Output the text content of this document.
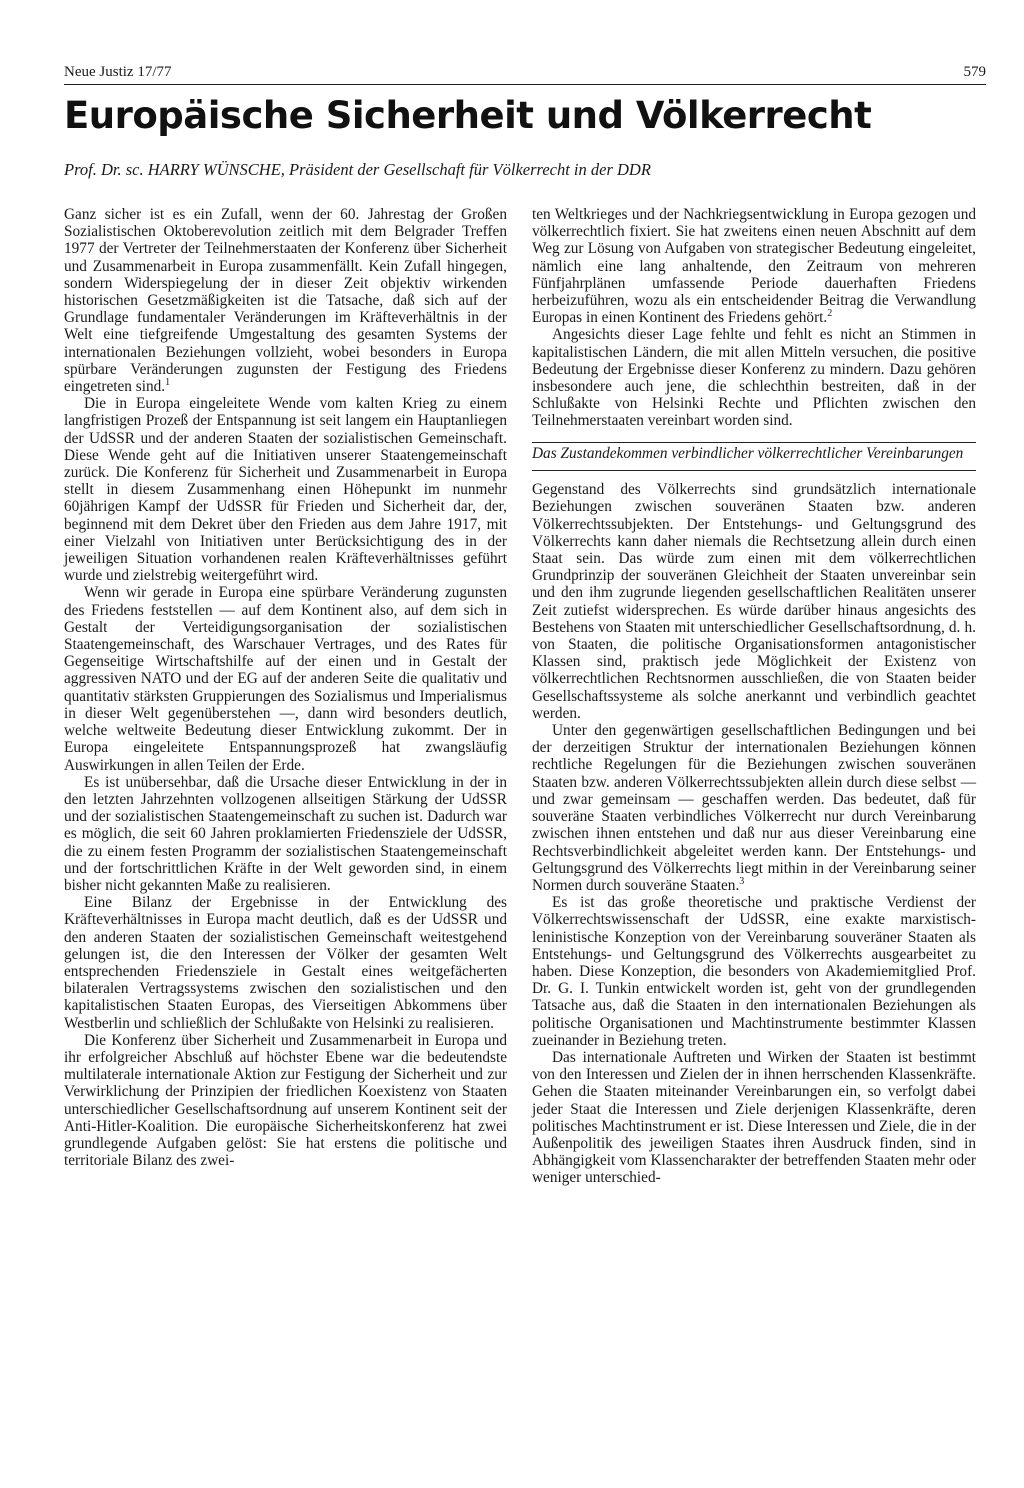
Neue Justiz 17/77	579
Europäische Sicherheit und Völkerrecht

Prof. Dr. sc. HARRY WÜNSCHE, Präsident der Gesellschaft für Völkerrecht in der DDR

Ganz sicher ist es ein Zufall, wenn der 60. Jahrestag der Großen Sozialistischen Oktoberevolution zeitlich mit dem Belgrader Treffen 1977 der Vertreter der Teilnehmerstaaten der Konferenz über Sicherheit und Zusammenarbeit in Europa zusammenfällt. Kein Zufall hingegen, sondern Widerspiegelung der in dieser Zeit objektiv wirkenden historischen Gesetzmäßigkeiten ist die Tatsache, daß sich auf der Grundlage fundamentaler Veränderungen im Kräfteverhältnis in der Welt eine tiefgreifende Umgestaltung des gesamten Systems der internationalen Beziehungen vollzieht, wobei besonders in Europa spürbare Veränderungen zugunsten der Festigung des Friedens eingetreten sind.$^1$

Die in Europa eingeleitete Wende vom kalten Krieg zu einem langfristigen Prozeß der Entspannung ist seit langem ein Hauptanliegen der UdSSR und der anderen Staaten der sozialistischen Gemeinschaft. Diese Wende geht auf die Initiativen unserer Staatengemeinschaft zurück. Die Konferenz für Sicherheit und Zusammenarbeit in Europa stellt in diesem Zusammenhang einen Höhepunkt im nunmehr 60jährigen Kampf der UdSSR für Frieden und Sicherheit dar, der, beginnend mit dem Dekret über den Frieden aus dem Jahre 1917, mit einer Vielzahl von Initiativen unter Berücksichtigung des in der jeweiligen Situation vorhandenen realen Kräfteverhältnisses geführt wurde und zielstrebig weitergeführt wird.

Wenn wir gerade in Europa eine spürbare Veränderung zugunsten des Friedens feststellen — auf dem Kontinent also, auf dem sich in Gestalt der Verteidigungsorganisation der sozialistischen Staatengemeinschaft, des Warschauer Vertrages, und des Rates für Gegenseitige Wirtschaftshilfe auf der einen und in Gestalt der aggressiven NATO und der EG auf der anderen Seite die qualitativ und quantitativ stärksten Gruppierungen des Sozialismus und Imperialismus in dieser Welt gegenüberstehen —, dann wird besonders deutlich, welche weltweite Bedeutung dieser Entwicklung zukommt. Der in Europa eingeleitete Entspannungsprozeß hat zwangsläufig Auswirkungen in allen Teilen der Erde.

Es ist unübersehbar, daß die Ursache dieser Entwicklung in der in den letzten Jahrzehnten vollzogenen allseitigen Stärkung der UdSSR und der sozialistischen Staatengemeinschaft zu suchen ist. Dadurch war es möglich, die seit 60 Jahren proklamierten Friedensziele der UdSSR, die zu einem festen Programm der sozialistischen Staatengemeinschaft und der fortschrittlichen Kräfte in der Welt geworden sind, in einem bisher nicht gekannten Maße zu realisieren.

Eine Bilanz der Ergebnisse in der Entwicklung des Kräfteverhältnisses in Europa macht deutlich, daß es der UdSSR und den anderen Staaten der sozialistischen Gemeinschaft weitestgehend gelungen ist, die den Interessen der Völker der gesamten Welt entsprechenden Friedensziele in Gestalt eines weitgefächerten bilateralen Vertragssystems zwischen den sozialistischen und den kapitalistischen Staaten Europas, des Vierseitigen Abkommens über Westberlin und schließlich der Schlußakte von Helsinki zu realisieren.

Die Konferenz über Sicherheit und Zusammenarbeit in Europa und ihr erfolgreicher Abschluß auf höchster Ebene war die bedeutendste multilaterale internationale Aktion zur Festigung der Sicherheit und zur Verwirklichung der Prinzipien der friedlichen Koexistenz von Staaten unterschiedlicher Gesellschaftsordnung auf unserem Kontinent seit der Anti-Hitler-Koalition. Die europäische Sicherheitskonferenz hat zwei grundlegende Aufgaben gelöst: Sie hat erstens die politische und territoriale Bilanz des zwei-

ten Weltkrieges und der Nachkriegsentwicklung in Europa gezogen und völkerrechtlich fixiert. Sie hat zweitens einen neuen Abschnitt auf dem Weg zur Lösung von Aufgaben von strategischer Bedeutung eingeleitet, nämlich eine lang anhaltende, den Zeitraum von mehreren Fünfjahrplänen umfassende Periode dauerhaften Friedens herbeizuführen, wozu als ein entscheidender Beitrag die Verwandlung Europas in einen Kontinent des Friedens gehört.$^2$

Angesichts dieser Lage fehlte und fehlt es nicht an Stimmen in kapitalistischen Ländern, die mit allen Mitteln versuchen, die positive Bedeutung der Ergebnisse dieser Konferenz zu mindern. Dazu gehören insbesondere auch jene, die schlechthin bestreiten, daß in der Schlußakte von Helsinki Rechte und Pflichten zwischen den Teilnehmerstaaten vereinbart worden sind.

Das Zustandekommen verbindlicher völkerrechtlicher Vereinbarungen

Gegenstand des Völkerrechts sind grundsätzlich internationale Beziehungen zwischen souveränen Staaten bzw. anderen Völkerrechtssubjekten. Der Entstehungs- und Geltungsgrund des Völkerrechts kann daher niemals die Rechtsetzung allein durch einen Staat sein. Das würde zum einen mit dem völkerrechtlichen Grundprinzip der souveränen Gleichheit der Staaten unvereinbar sein und den ihm zugrunde liegenden gesellschaftlichen Realitäten unserer Zeit zutiefst widersprechen. Es würde darüber hinaus angesichts des Bestehens von Staaten mit unterschiedlicher Gesellschaftsordnung, d. h. von Staaten, die politische Organisationsformen antagonistischer Klassen sind, praktisch jede Möglichkeit der Existenz von völkerrechtlichen Rechtsnormen ausschließen, die von Staaten beider Gesellschaftssysteme als solche anerkannt und verbindlich geachtet werden.

Unter den gegenwärtigen gesellschaftlichen Bedingungen und bei der derzeitigen Struktur der internationalen Beziehungen können rechtliche Regelungen für die Beziehungen zwischen souveränen Staaten bzw. anderen Völkerrechtssubjekten allein durch diese selbst — und zwar gemeinsam — geschaffen werden. Das bedeutet, daß für souveräne Staaten verbindliches Völkerrecht nur durch Vereinbarung zwischen ihnen entstehen und daß nur aus dieser Vereinbarung eine Rechtsverbindlichkeit abgeleitet werden kann. Der Entstehungs- und Geltungsgrund des Völkerrechts liegt mithin in der Vereinbarung seiner Normen durch souveräne Staaten.$^3$

Es ist das große theoretische und praktische Verdienst der Völkerrechtswissenschaft der UdSSR, eine exakte marxistisch-leninistische Konzeption von der Vereinbarung souveräner Staaten als Entstehungs- und Geltungsgrund des Völkerrechts ausgearbeitet zu haben. Diese Konzeption, die besonders von Akademiemitglied Prof. Dr. G. I. Tunkin entwickelt worden ist, geht von der grundlegenden Tatsache aus, daß die Staaten in den internationalen Beziehungen als politische Organisationen und Machtinstrumente bestimmter Klassen zueinander in Beziehung treten.

Das internationale Auftreten und Wirken der Staaten ist bestimmt von den Interessen und Zielen der in ihnen herrschenden Klassenkräfte. Gehen die Staaten miteinander Vereinbarungen ein, so verfolgt dabei jeder Staat die Interessen und Ziele derjenigen Klassenkräfte, deren politisches Machtinstrument er ist. Diese Interessen und Ziele, die in der Außenpolitik des jeweiligen Staates ihren Ausdruck finden, sind in Abhängigkeit vom Klassencharakter der betreffenden Staaten mehr oder weniger unterschied-
